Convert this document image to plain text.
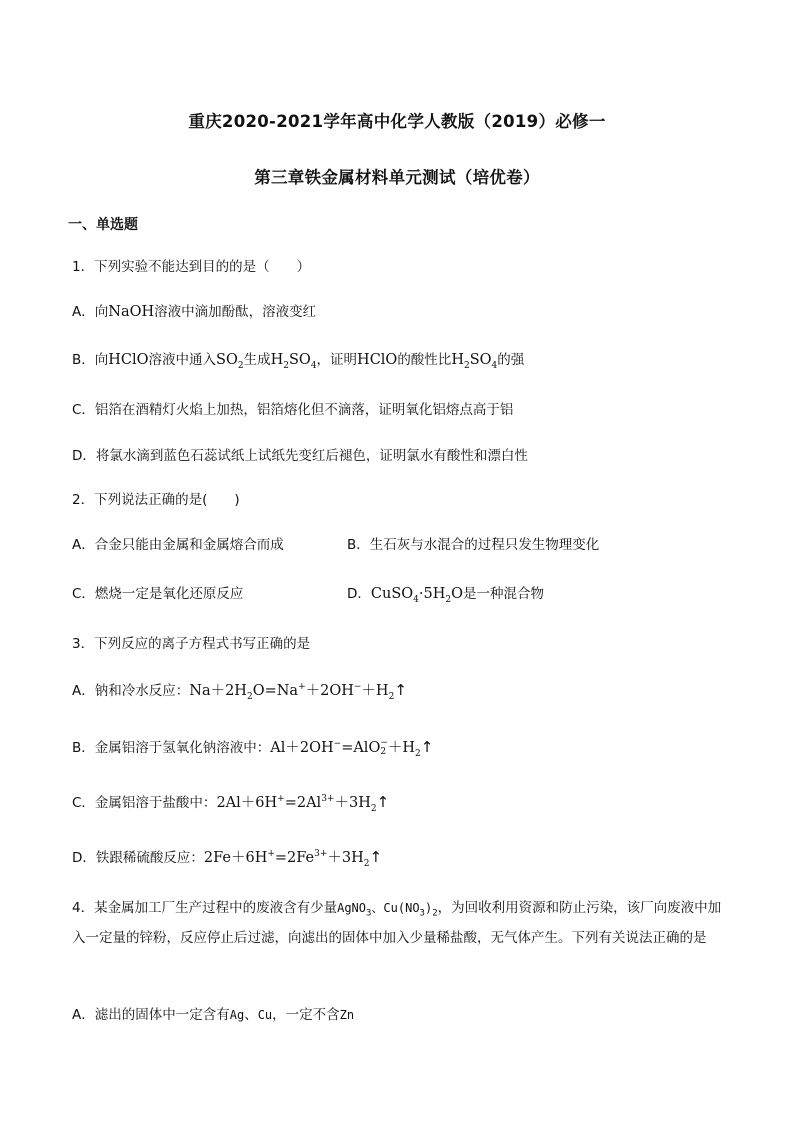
重庆2020-2021学年高中化学人教版（2019）必修一
第三章铁金属材料单元测试（培优卷）
一、单选题
1．下列实验不能达到目的的是（　　）
A．向NaOH溶液中滴加酚酞，溶液变红
B．向HClO溶液中通入$SO_2$生成$H_2SO_4$，证明HClO的酸性比$H_2SO_4$的强
C．铝箔在酒精灯火焰上加热，铝箔熔化但不滴落，证明氧化铝熔点高于铝
D．将氯水滴到蓝色石蕊试纸上试纸先变红后褪色，证明氯水有酸性和漂白性
2．下列说法正确的是(　　)
A．合金只能由金属和金属熔合而成	B．生石灰与水混合的过程只发生物理变化
C．燃烧一定是氧化还原反应	D．$CuSO_4\cdot 5H_2O$是一种混合物
3．下列反应的离子方程式书写正确的是
A．钠和冷水反应：$Na+2H_2O=Na^++2OH^-+H_2↑$
B．金属铝溶于氢氧化钠溶液中：Al＋2OH−=AlO −
$2 +H_2↑$
C．金属铝溶于盐酸中：$2Al+6H^+=2Al^{3+}+3H_2↑$
D．铁跟稀硫酸反应：$2Fe+6H^+=2Fe^{3+}+3H_2↑$
4．某金属加工厂生产过程中的废液含有少量AgNO$_3$、$Cu(NO_3)_2$，为回收利用资源和防止污染，该厂向废液中加入一定量的锌粉，反应停止后过滤，向滤出的固体中加入少量稀盐酸，无气体产生。下列有关说法正确的是
A．滤出的固体中一定含有Ag、Cu，一定不含Zn
